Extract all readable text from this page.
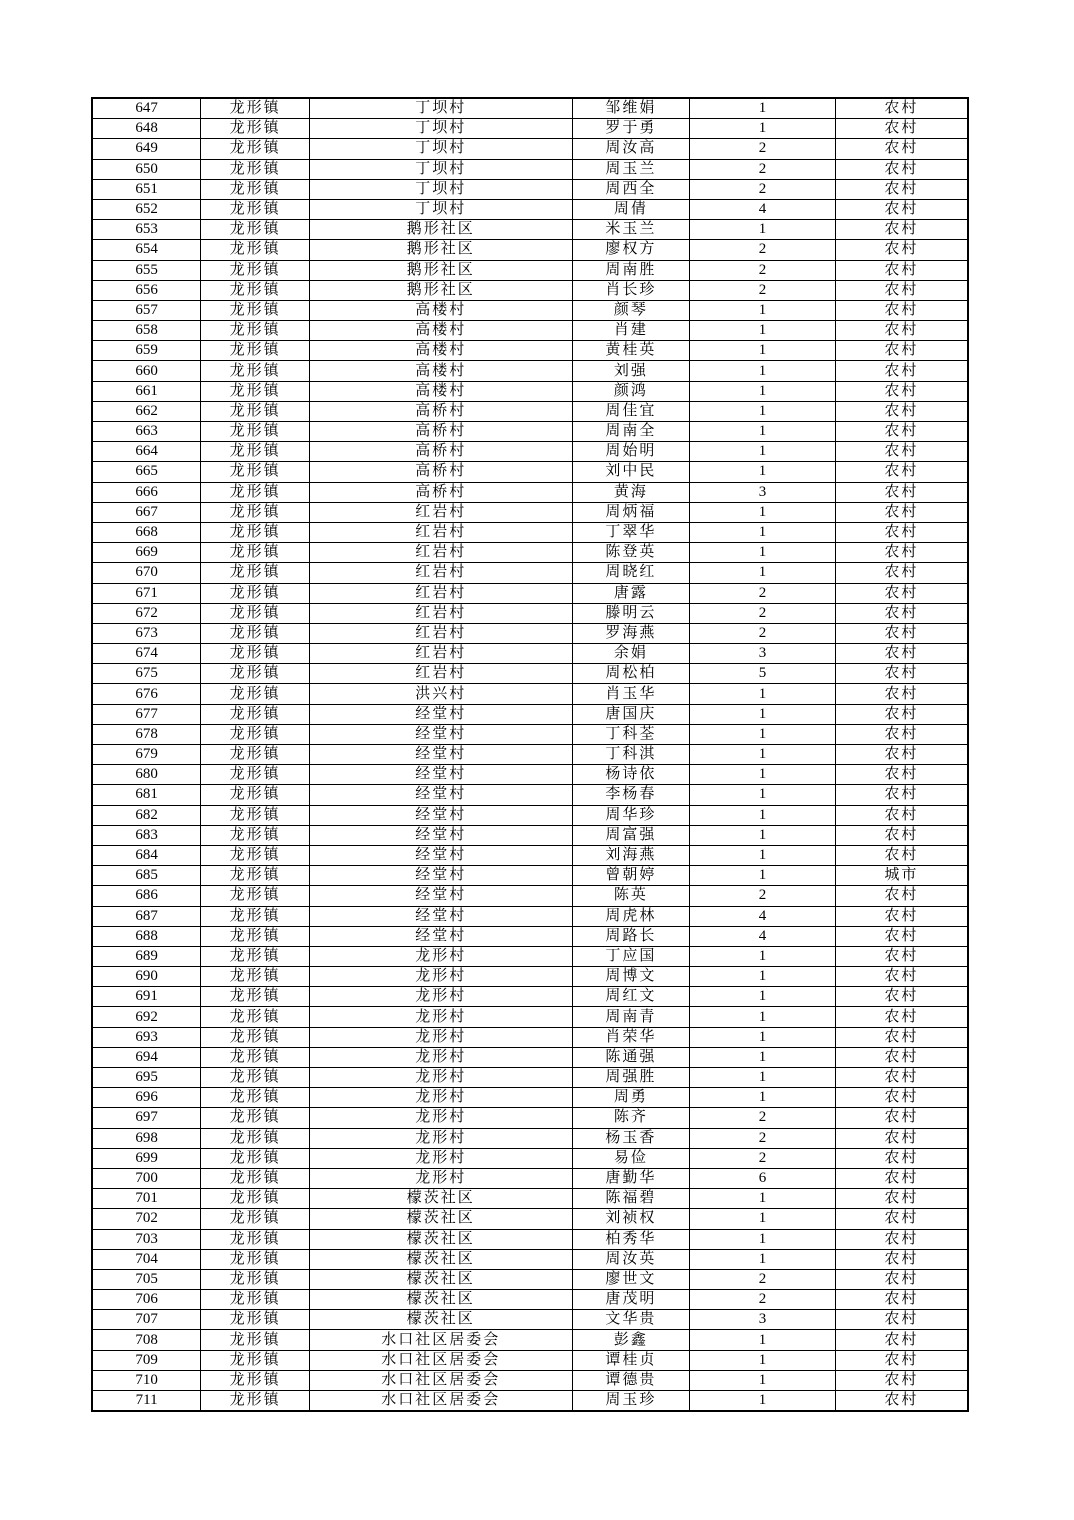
647	龙形镇	丁坝村	邹维娟	1	农村
648	龙形镇	丁坝村	罗于勇	1	农村
649	龙形镇	丁坝村	周汝高	2	农村
650	龙形镇	丁坝村	周玉兰	2	农村
651	龙形镇	丁坝村	周西全	2	农村
652	龙形镇	丁坝村	周倩	4	农村
653	龙形镇	鹅形社区	米玉兰	1	农村
654	龙形镇	鹅形社区	廖权方	2	农村
655	龙形镇	鹅形社区	周南胜	2	农村
656	龙形镇	鹅形社区	肖长珍	2	农村
657	龙形镇	高楼村	颜琴	1	农村
658	龙形镇	高楼村	肖建	1	农村
659	龙形镇	高楼村	黄桂英	1	农村
660	龙形镇	高楼村	刘强	1	农村
661	龙形镇	高楼村	颜鸿	1	农村
662	龙形镇	高桥村	周佳宜	1	农村
663	龙形镇	高桥村	周南全	1	农村
664	龙形镇	高桥村	周始明	1	农村
665	龙形镇	高桥村	刘中民	1	农村
666	龙形镇	高桥村	黄海	3	农村
667	龙形镇	红岩村	周炳福	1	农村
668	龙形镇	红岩村	丁翠华	1	农村
669	龙形镇	红岩村	陈登英	1	农村
670	龙形镇	红岩村	周晓红	1	农村
671	龙形镇	红岩村	唐露	2	农村
672	龙形镇	红岩村	滕明云	2	农村
673	龙形镇	红岩村	罗海燕	2	农村
674	龙形镇	红岩村	余娟	3	农村
675	龙形镇	红岩村	周松柏	5	农村
676	龙形镇	洪兴村	肖玉华	1	农村
677	龙形镇	经堂村	唐国庆	1	农村
678	龙形镇	经堂村	丁科荃	1	农村
679	龙形镇	经堂村	丁科淇	1	农村
680	龙形镇	经堂村	杨诗依	1	农村
681	龙形镇	经堂村	李杨春	1	农村
682	龙形镇	经堂村	周华珍	1	农村
683	龙形镇	经堂村	周富强	1	农村
684	龙形镇	经堂村	刘海燕	1	农村
685	龙形镇	经堂村	曾朝婷	1	城市
686	龙形镇	经堂村	陈英	2	农村
687	龙形镇	经堂村	周虎林	4	农村
688	龙形镇	经堂村	周路长	4	农村
689	龙形镇	龙形村	丁应国	1	农村
690	龙形镇	龙形村	周博文	1	农村
691	龙形镇	龙形村	周红文	1	农村
692	龙形镇	龙形村	周南青	1	农村
693	龙形镇	龙形村	肖荣华	1	农村
694	龙形镇	龙形村	陈通强	1	农村
695	龙形镇	龙形村	周强胜	1	农村
696	龙形镇	龙形村	周勇	1	农村
697	龙形镇	龙形村	陈齐	2	农村
698	龙形镇	龙形村	杨玉香	2	农村
699	龙形镇	龙形村	易俭	2	农村
700	龙形镇	龙形村	唐勤华	6	农村
701	龙形镇	檬茨社区	陈福碧	1	农村
702	龙形镇	檬茨社区	刘祯权	1	农村
703	龙形镇	檬茨社区	柏秀华	1	农村
704	龙形镇	檬茨社区	周汝英	1	农村
705	龙形镇	檬茨社区	廖世文	2	农村
706	龙形镇	檬茨社区	唐茂明	2	农村
707	龙形镇	檬茨社区	文华贵	3	农村
708	龙形镇	水口社区居委会	彭鑫	1	农村
709	龙形镇	水口社区居委会	谭桂贞	1	农村
710	龙形镇	水口社区居委会	谭德贵	1	农村
711	龙形镇	水口社区居委会	周玉珍	1	农村
